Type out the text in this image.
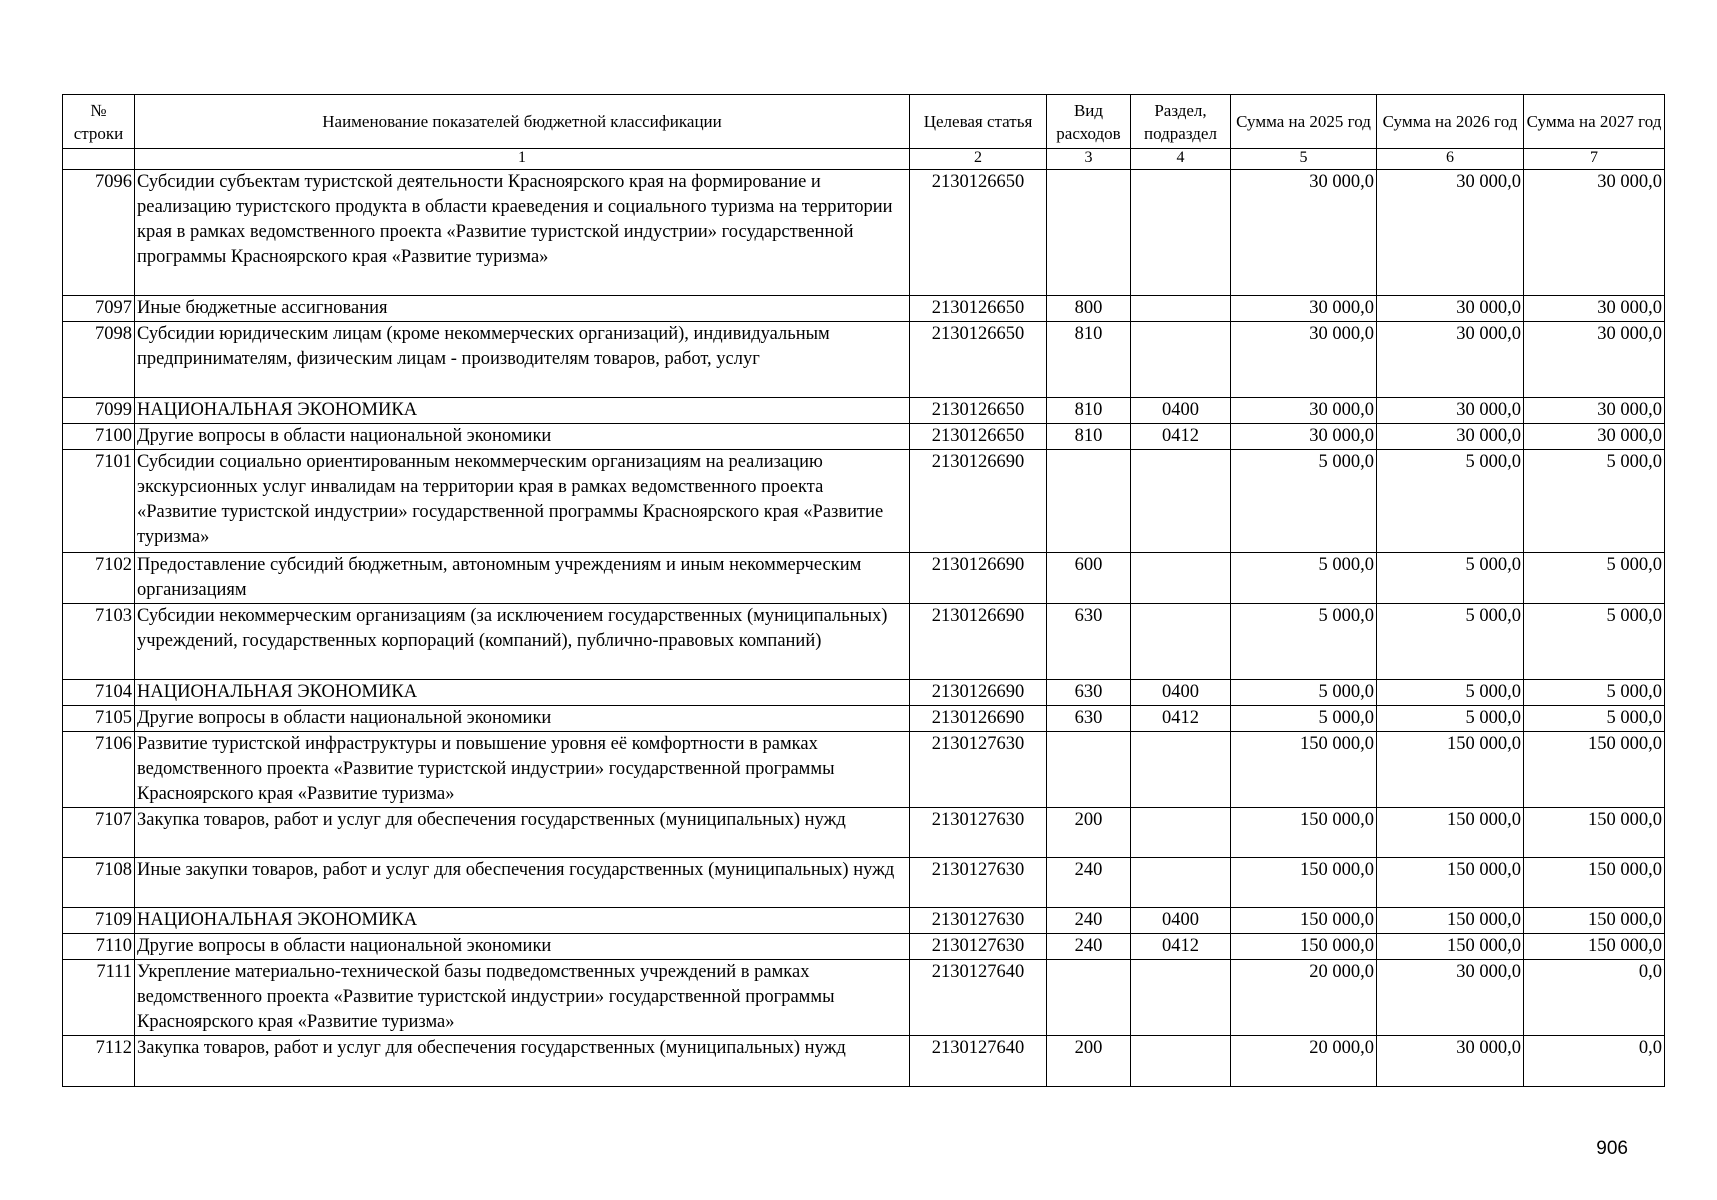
№ строки	Наименование показателей бюджетной классификации	Целевая статья	Вид расходов	Раздел, подраздел	Сумма на 2025 год	Сумма на 2026 год	Сумма на 2027 год
	1	2	3	4	5	6	7
7096	Субсидии субъектам туристской деятельности Красноярского края на формирование и реализацию туристского продукта в области краеведения и социального туризма на территории края в рамках ведомственного проекта «Развитие туристской индустрии» государственной программы Красноярского края «Развитие туризма»	2130126650			30 000,0	30 000,0	30 000,0
7097	Иные бюджетные ассигнования	2130126650	800		30 000,0	30 000,0	30 000,0
7098	Субсидии юридическим лицам (кроме некоммерческих организаций), индивидуальным предпринимателям, физическим лицам - производителям товаров, работ, услуг	2130126650	810		30 000,0	30 000,0	30 000,0
7099	НАЦИОНАЛЬНАЯ ЭКОНОМИКА	2130126650	810	0400	30 000,0	30 000,0	30 000,0
7100	Другие вопросы в области национальной экономики	2130126650	810	0412	30 000,0	30 000,0	30 000,0
7101	Субсидии социально ориентированным некоммерческим организациям на реализацию экскурсионных услуг инвалидам на территории края в рамках ведомственного проекта «Развитие туристской индустрии» государственной программы Красноярского края «Развитие туризма»	2130126690			5 000,0	5 000,0	5 000,0
7102	Предоставление субсидий бюджетным, автономным учреждениям и иным некоммерческим организациям	2130126690	600		5 000,0	5 000,0	5 000,0
7103	Субсидии некоммерческим организациям (за исключением государственных (муниципальных) учреждений, государственных корпораций (компаний), публично-правовых компаний)	2130126690	630		5 000,0	5 000,0	5 000,0
7104	НАЦИОНАЛЬНАЯ ЭКОНОМИКА	2130126690	630	0400	5 000,0	5 000,0	5 000,0
7105	Другие вопросы в области национальной экономики	2130126690	630	0412	5 000,0	5 000,0	5 000,0
7106	Развитие туристской инфраструктуры и повышение уровня её комфортности в рамках ведомственного проекта «Развитие туристской индустрии» государственной программы Красноярского края «Развитие туризма»	2130127630			150 000,0	150 000,0	150 000,0
7107	Закупка товаров, работ и услуг для обеспечения государственных (муниципальных) нужд	2130127630	200		150 000,0	150 000,0	150 000,0
7108	Иные закупки товаров, работ и услуг для обеспечения государственных (муниципальных) нужд	2130127630	240		150 000,0	150 000,0	150 000,0
7109	НАЦИОНАЛЬНАЯ ЭКОНОМИКА	2130127630	240	0400	150 000,0	150 000,0	150 000,0
7110	Другие вопросы в области национальной экономики	2130127630	240	0412	150 000,0	150 000,0	150 000,0
7111	Укрепление материально-технической базы подведомственных учреждений в рамках ведомственного проекта «Развитие туристской индустрии» государственной программы Красноярского края «Развитие туризма»	2130127640			20 000,0	30 000,0	0,0
7112	Закупка товаров, работ и услуг для обеспечения государственных (муниципальных) нужд	2130127640	200		20 000,0	30 000,0	0,0
906
